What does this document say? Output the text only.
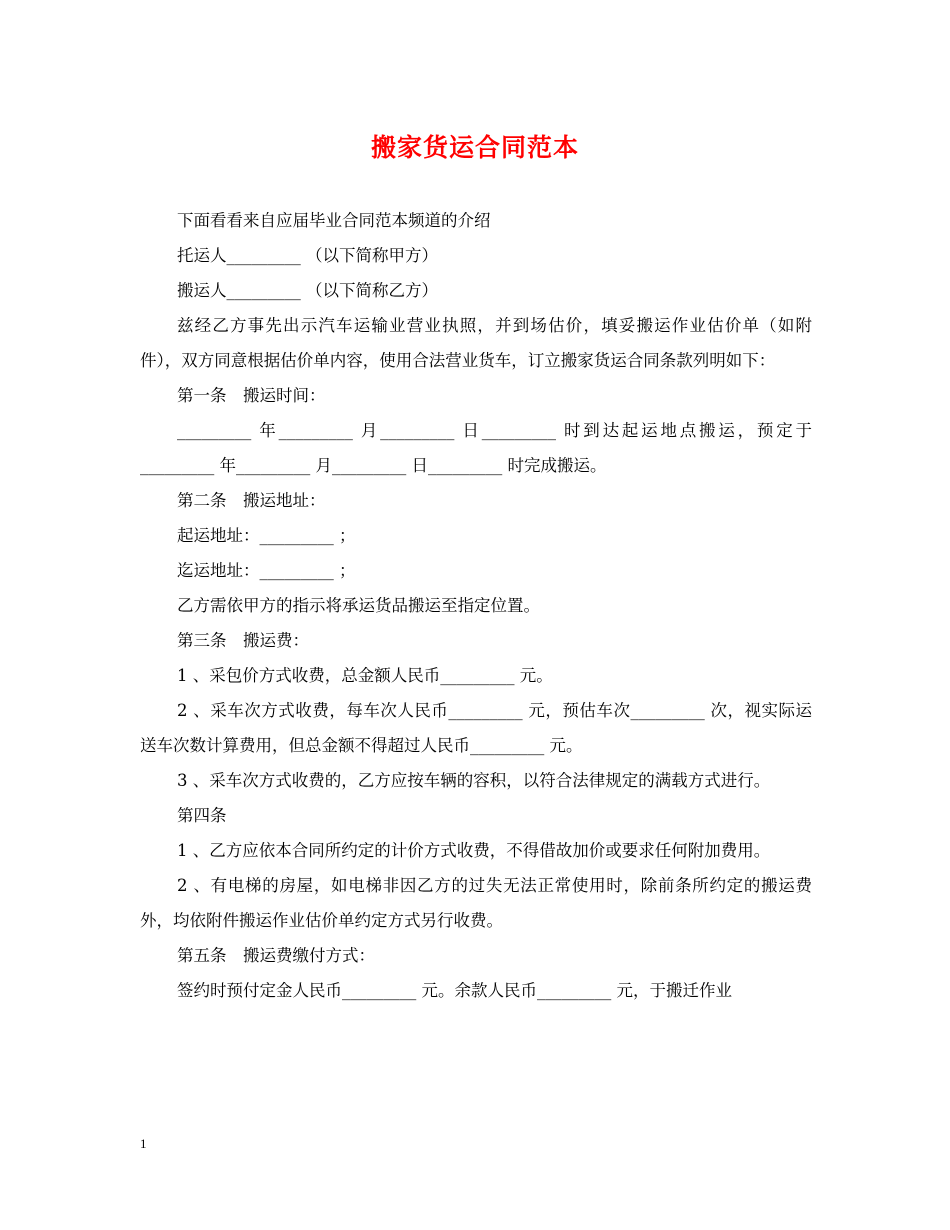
搬家货运合同范本

下面看看来自应届毕业合同范本频道的介绍

托运人_________ （以下简称甲方）

搬运人_________ （以下简称乙方）

兹经乙方事先出示汽车运输业营业执照，并到场估价，填妥搬运作业估价单（如附件），双方同意根据估价单内容，使用合法营业货车，订立搬家货运合同条款列明如下：

第一条　搬运时间：

_________ 年_________ 月_________ 日_________ 时到达起运地点搬运，预定于_________ 年_________ 月_________ 日_________ 时完成搬运。

第二条　搬运地址：

起运地址：_________ ；

迄运地址：_________ ；

乙方需依甲方的指示将承运货品搬运至指定位置。

第三条　搬运费：

1 、采包价方式收费，总金额人民币_________ 元。

2 、采车次方式收费，每车次人民币_________ 元，预估车次_________ 次，视实际运送车次数计算费用，但总金额不得超过人民币_________ 元。

3 、采车次方式收费的，乙方应按车辆的容积，以符合法律规定的满载方式进行。

第四条

1 、乙方应依本合同所约定的计价方式收费，不得借故加价或要求任何附加费用。

2 、有电梯的房屋，如电梯非因乙方的过失无法正常使用时，除前条所约定的搬运费外，均依附件搬运作业估价单约定方式另行收费。

第五条　搬运费缴付方式：

签约时预付定金人民币_________ 元。余款人民币_________ 元，于搬迁作业

1
